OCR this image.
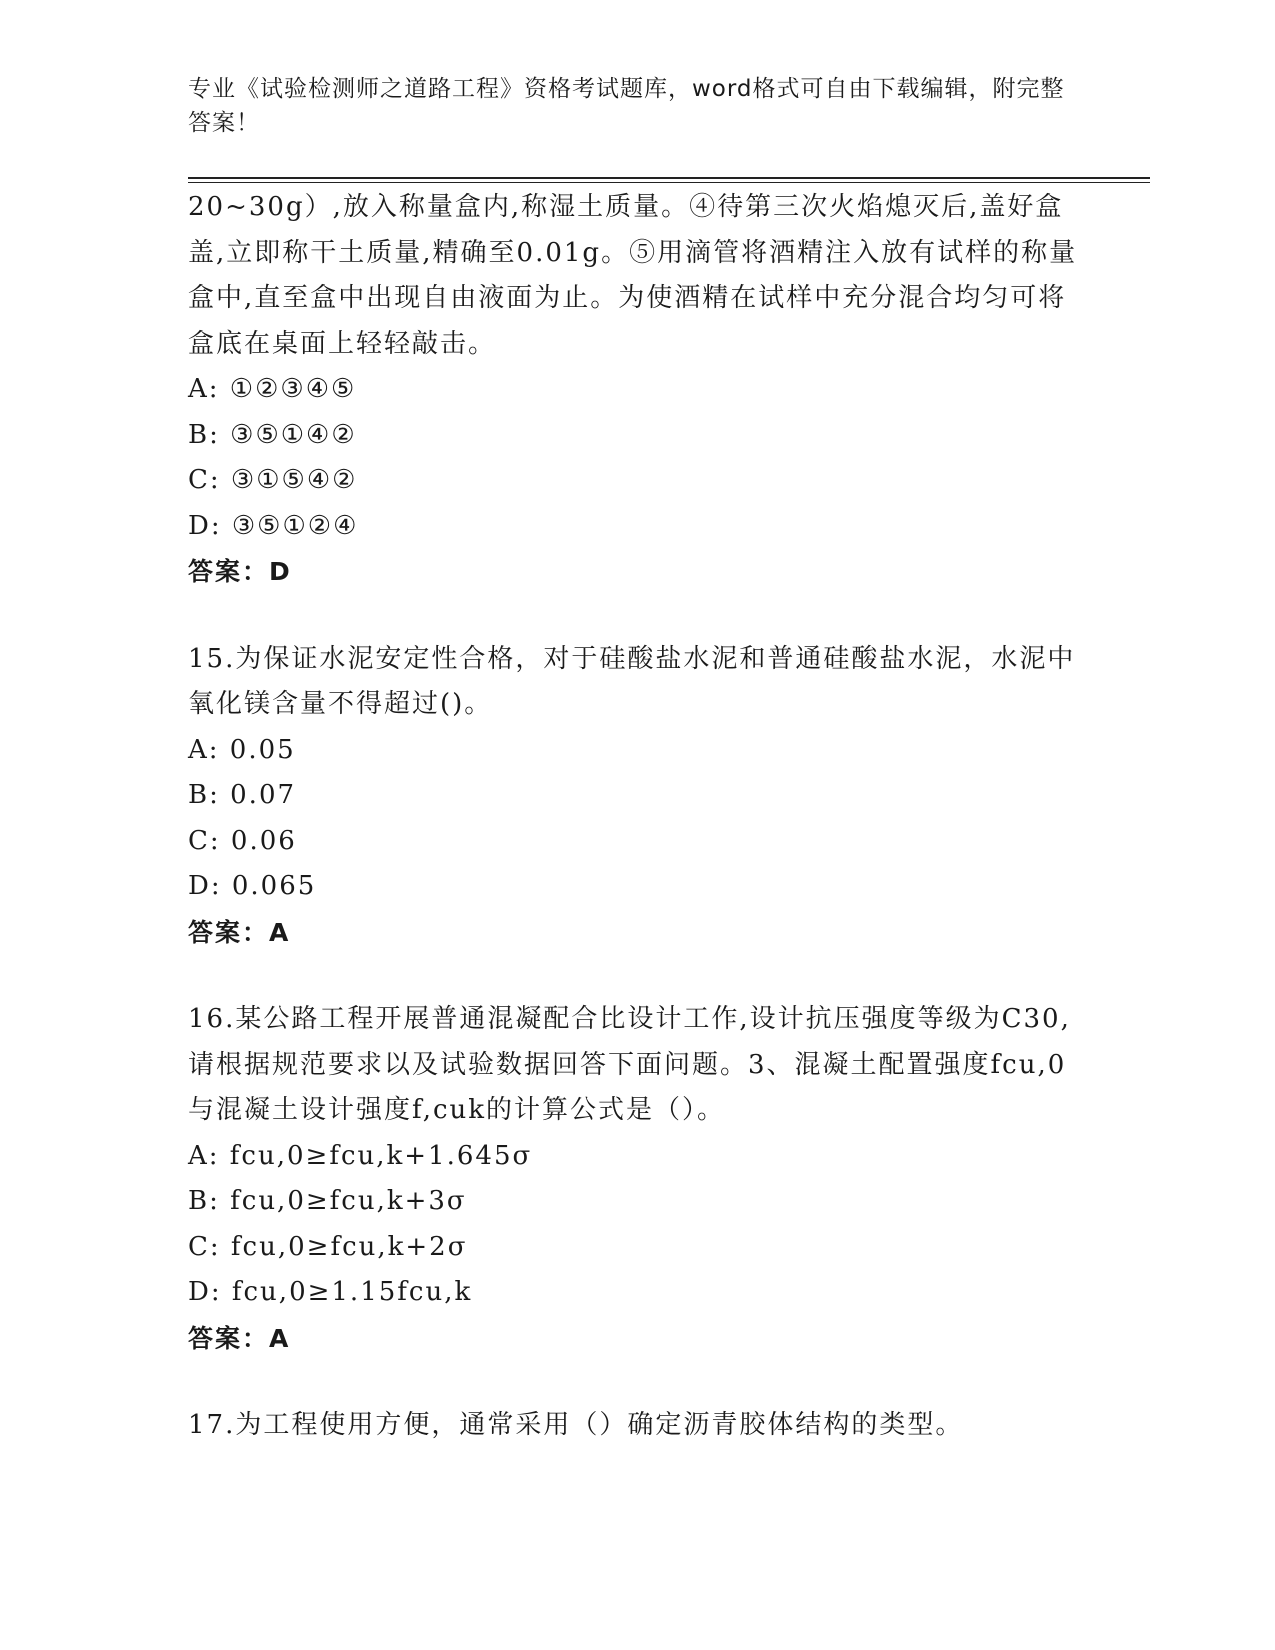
专业《试验检测师之道路工程》资格考试题库，word格式可自由下载编辑，附完整答案！

20~30g）,放入称量盒内,称湿土质量。④待第三次火焰熄灭后,盖好盒盖,立即称干土质量,精确至0.01g。⑤用滴管将酒精注入放有试样的称量盒中,直至盒中出现自由液面为止。为使酒精在试样中充分混合均匀可将盒底在桌面上轻轻敲击。

A: ①②③④⑤

B: ③⑤①④②

C: ③①⑤④②

D: ③⑤①②④

答案：D

15.为保证水泥安定性合格，对于硅酸盐水泥和普通硅酸盐水泥，水泥中氧化镁含量不得超过()。

A: 0.05

B: 0.07

C: 0.06

D: 0.065

答案：A

16.某公路工程开展普通混凝配合比设计工作,设计抗压强度等级为C30,请根据规范要求以及试验数据回答下面问题。3、混凝土配置强度fcu,0与混凝土设计强度f,cuk的计算公式是（）。

A: fcu,0≥fcu,k+1.645σ

B: fcu,0≥fcu,k+3σ

C: fcu,0≥fcu,k+2σ

D: fcu,0≥1.15fcu,k

答案：A

17.为工程使用方便，通常采用（）确定沥青胶体结构的类型。
